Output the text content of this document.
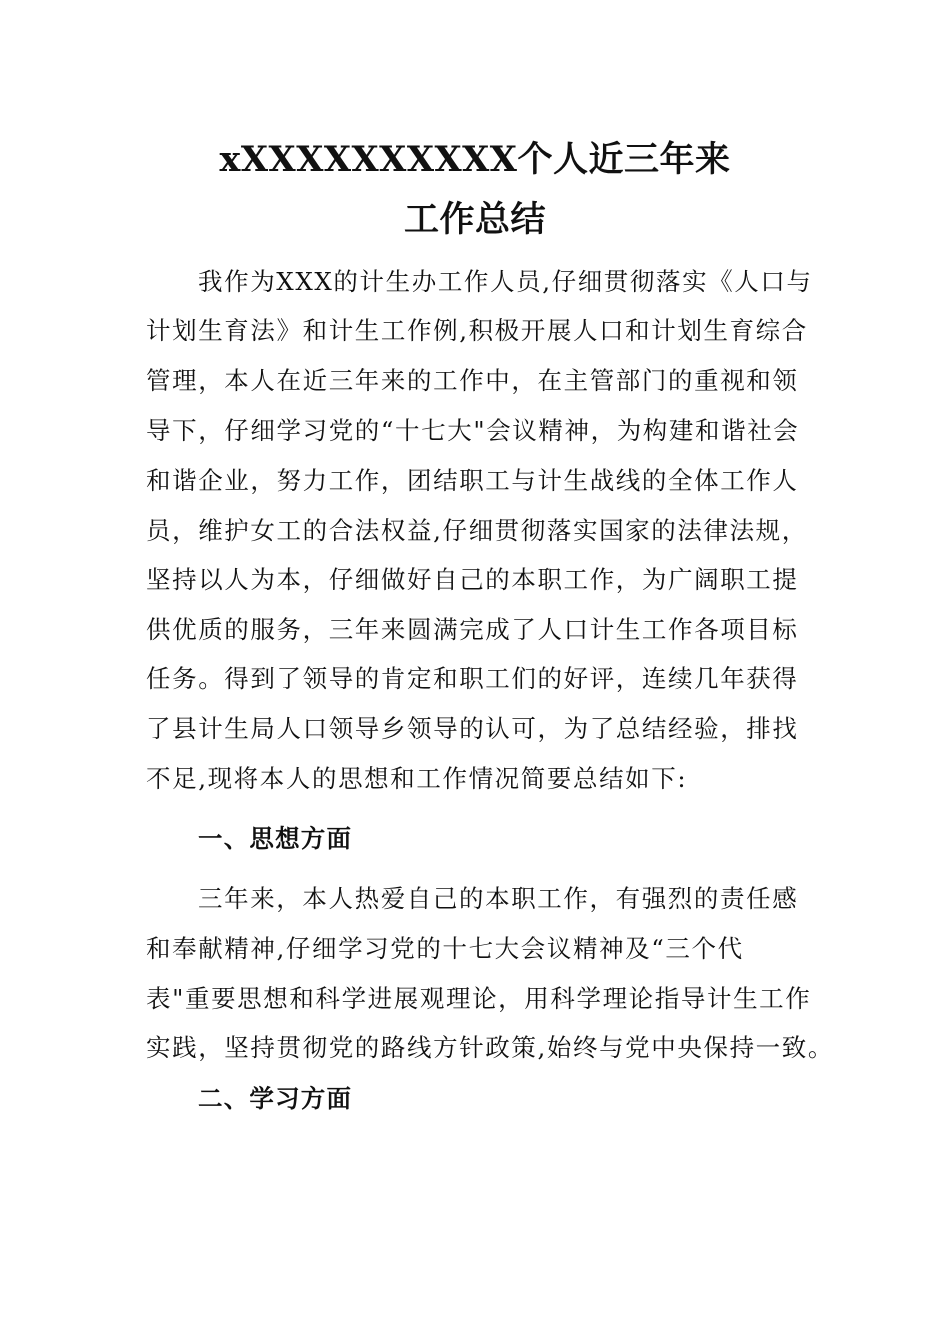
xXXXXXXXXXX个人近三年来
工作总结
我作为XXX的计生办工作人员,仔细贯彻落实《人口与
计划生育法》和计生工作例,积极开展人口和计划生育综合
管理，本人在近三年来的工作中，在主管部门的重视和领
导下，仔细学习党的“十七大"会议精神，为构建和谐社会
和谐企业，努力工作，团结职工与计生战线的全体工作人
员，维护女工的合法权益,仔细贯彻落实国家的法律法规，
坚持以人为本，仔细做好自己的本职工作，为广阔职工提
供优质的服务，三年来圆满完成了人口计生工作各项目标
任务。得到了领导的肯定和职工们的好评，连续几年获得
了县计生局人口领导乡领导的认可，为了总结经验，排找
不足,现将本人的思想和工作情况简要总结如下:
一、思想方面
三年来，本人热爱自己的本职工作，有强烈的责任感
和奉献精神,仔细学习党的十七大会议精神及“三个代
表"重要思想和科学进展观理论，用科学理论指导计生工作
实践，坚持贯彻党的路线方针政策,始终与党中央保持一致。
二、学习方面
